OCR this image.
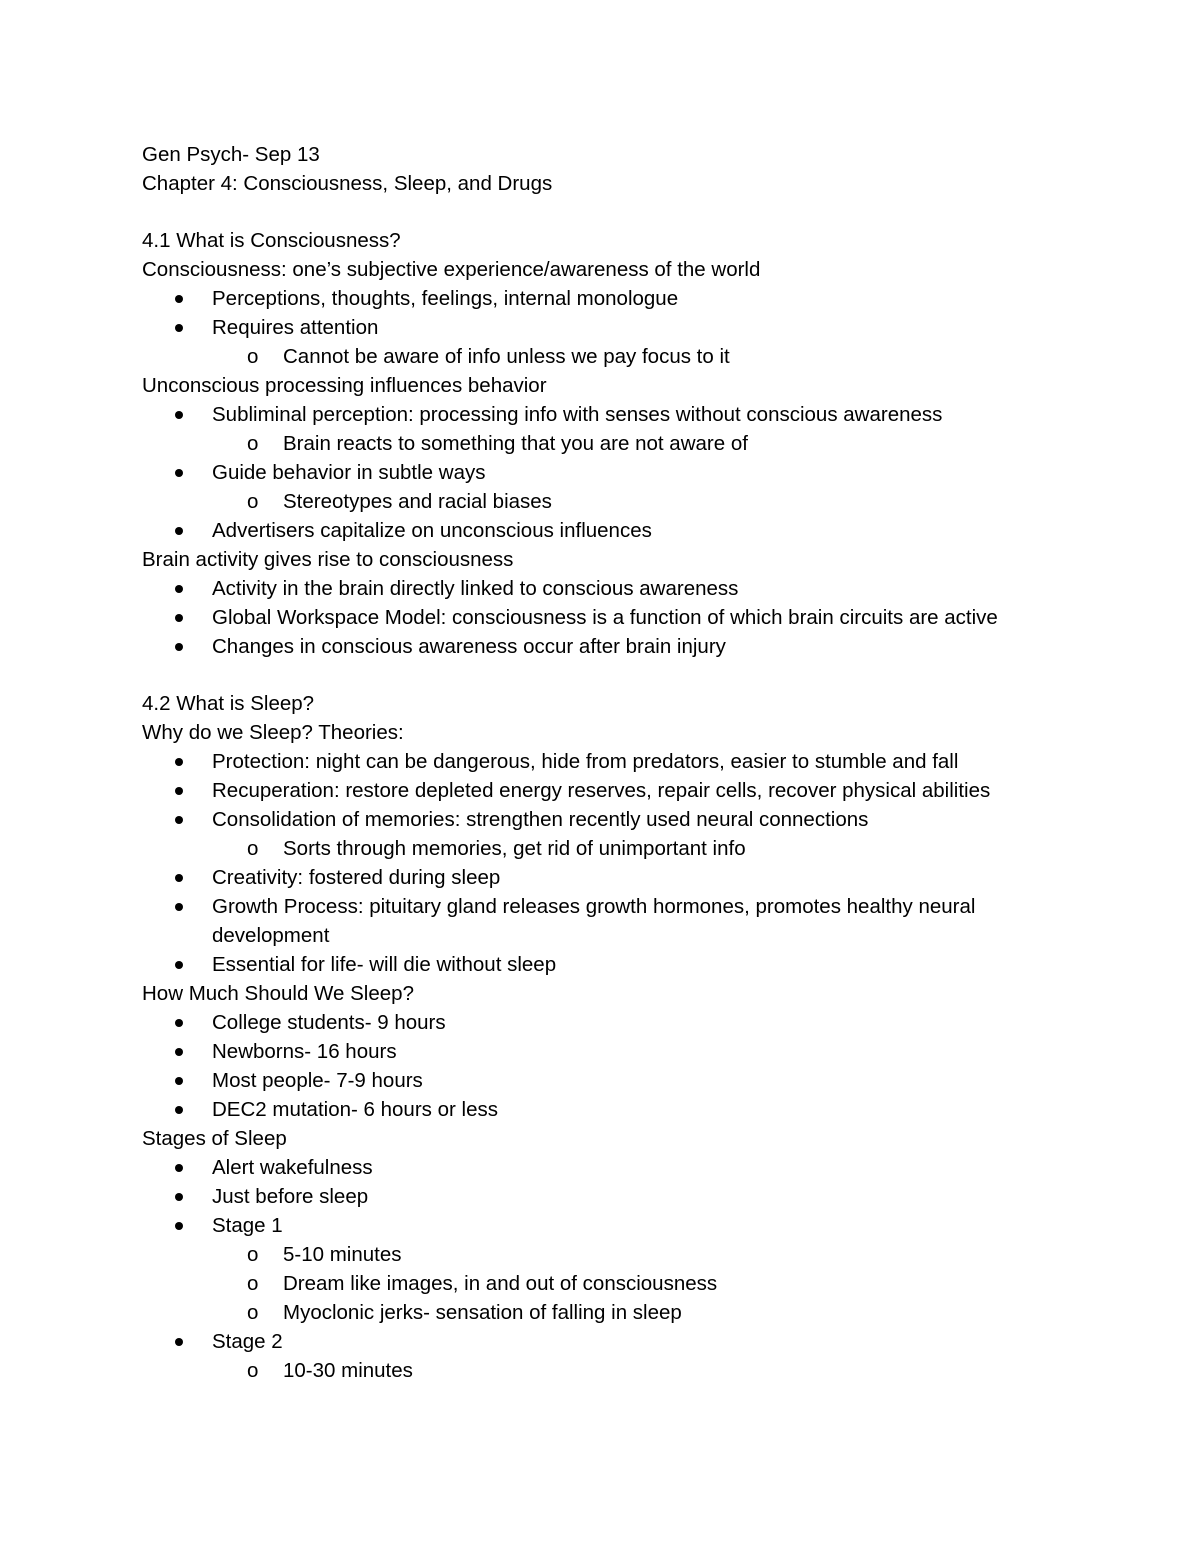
Gen Psych- Sep 13
Chapter 4: Consciousness, Sleep, and Drugs
4.1 What is Consciousness?
Consciousness: one’s subjective experience/awareness of the world
Perceptions, thoughts, feelings, internal monologue
Requires attention
o Cannot be aware of info unless we pay focus to it
Unconscious processing influences behavior
Subliminal perception: processing info with senses without conscious awareness
o Brain reacts to something that you are not aware of
Guide behavior in subtle ways
o Stereotypes and racial biases
Advertisers capitalize on unconscious influences
Brain activity gives rise to consciousness
Activity in the brain directly linked to conscious awareness
Global Workspace Model: consciousness is a function of which brain circuits are active
Changes in conscious awareness occur after brain injury
4.2 What is Sleep?
Why do we Sleep? Theories:
Protection: night can be dangerous, hide from predators, easier to stumble and fall
Recuperation: restore depleted energy reserves, repair cells, recover physical abilities
Consolidation of memories: strengthen recently used neural connections
o Sorts through memories, get rid of unimportant info
Creativity: fostered during sleep
Growth Process: pituitary gland releases growth hormones, promotes healthy neural development
Essential for life- will die without sleep
How Much Should We Sleep?
College students- 9 hours
Newborns- 16 hours
Most people- 7-9 hours
DEC2 mutation- 6 hours or less
Stages of Sleep
Alert wakefulness
Just before sleep
Stage 1
o 5-10 minutes
o Dream like images, in and out of consciousness
o Myoclonic jerks- sensation of falling in sleep
Stage 2
o 10-30 minutes
